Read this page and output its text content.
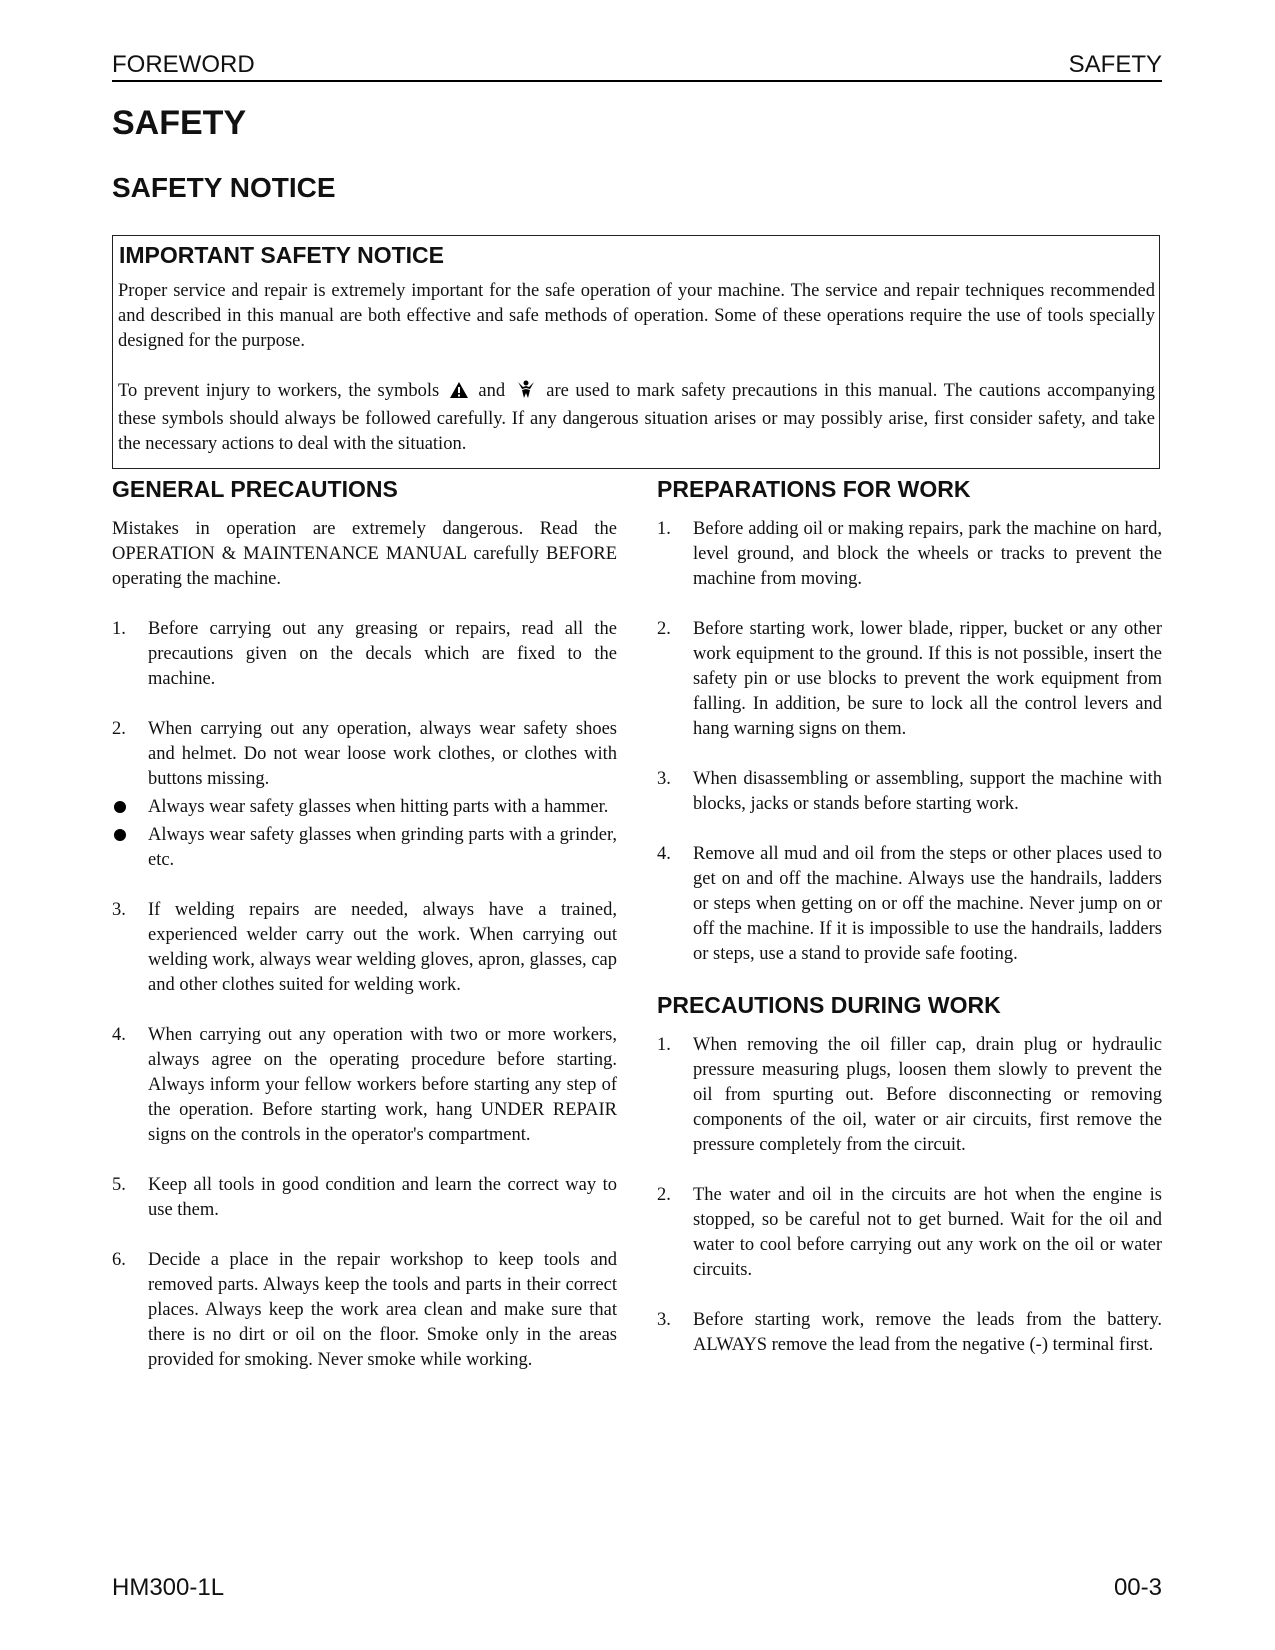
FOREWORD	SAFETY
SAFETY
SAFETY NOTICE
IMPORTANT SAFETY NOTICE

Proper service and repair is extremely important for the safe operation of your machine. The service and repair techniques recommended and described in this manual are both effective and safe methods of operation. Some of these operations require the use of tools specially designed for the purpose.

To prevent injury to workers, the symbols and are used to mark safety precautions in this manual. The cautions accompanying these symbols should always be followed carefully. If any dangerous situation arises or may possibly arise, first consider safety, and take the necessary actions to deal with the situation.

GENERAL PRECAUTIONS

Mistakes in operation are extremely dangerous. Read the OPERATION & MAINTENANCE MANUAL carefully BEFORE operating the machine.

1. Before carrying out any greasing or repairs, read all the precautions given on the decals which are fixed to the machine.
2. When carrying out any operation, always wear safety shoes and helmet. Do not wear loose work clothes, or clothes with buttons missing.
Always wear safety glasses when hitting parts with a hammer.
Always wear safety glasses when grinding parts with a grinder, etc.
3. If welding repairs are needed, always have a trained, experienced welder carry out the work. When carrying out welding work, always wear welding gloves, apron, glasses, cap and other clothes suited for welding work.
4. When carrying out any operation with two or more workers, always agree on the operating procedure before starting. Always inform your fellow workers before starting any step of the operation. Before starting work, hang UNDER REPAIR signs on the controls in the operator's compartment.
5. Keep all tools in good condition and learn the correct way to use them.
6. Decide a place in the repair workshop to keep tools and removed parts. Always keep the tools and parts in their correct places. Always keep the work area clean and make sure that there is no dirt or oil on the floor. Smoke only in the areas provided for smoking. Never smoke while working.
PREPARATIONS FOR WORK
1. Before adding oil or making repairs, park the machine on hard, level ground, and block the wheels or tracks to prevent the machine from moving.
2. Before starting work, lower blade, ripper, bucket or any other work equipment to the ground. If this is not possible, insert the safety pin or use blocks to prevent the work equipment from falling. In addition, be sure to lock all the control levers and hang warning signs on them.
3. When disassembling or assembling, support the machine with blocks, jacks or stands before starting work.
4. Remove all mud and oil from the steps or other places used to get on and off the machine. Always use the handrails, ladders or steps when getting on or off the machine. Never jump on or off the machine. If it is impossible to use the handrails, ladders or steps, use a stand to provide safe footing.
PRECAUTIONS DURING WORK
1. When removing the oil filler cap, drain plug or hydraulic pressure measuring plugs, loosen them slowly to prevent the oil from spurting out. Before disconnecting or removing components of the oil, water or air circuits, first remove the pressure completely from the circuit.
2. The water and oil in the circuits are hot when the engine is stopped, so be careful not to get burned. Wait for the oil and water to cool before carrying out any work on the oil or water circuits.
3. Before starting work, remove the leads from the battery. ALWAYS remove the lead from the negative (-) terminal first.
HM300-1L	00-3
